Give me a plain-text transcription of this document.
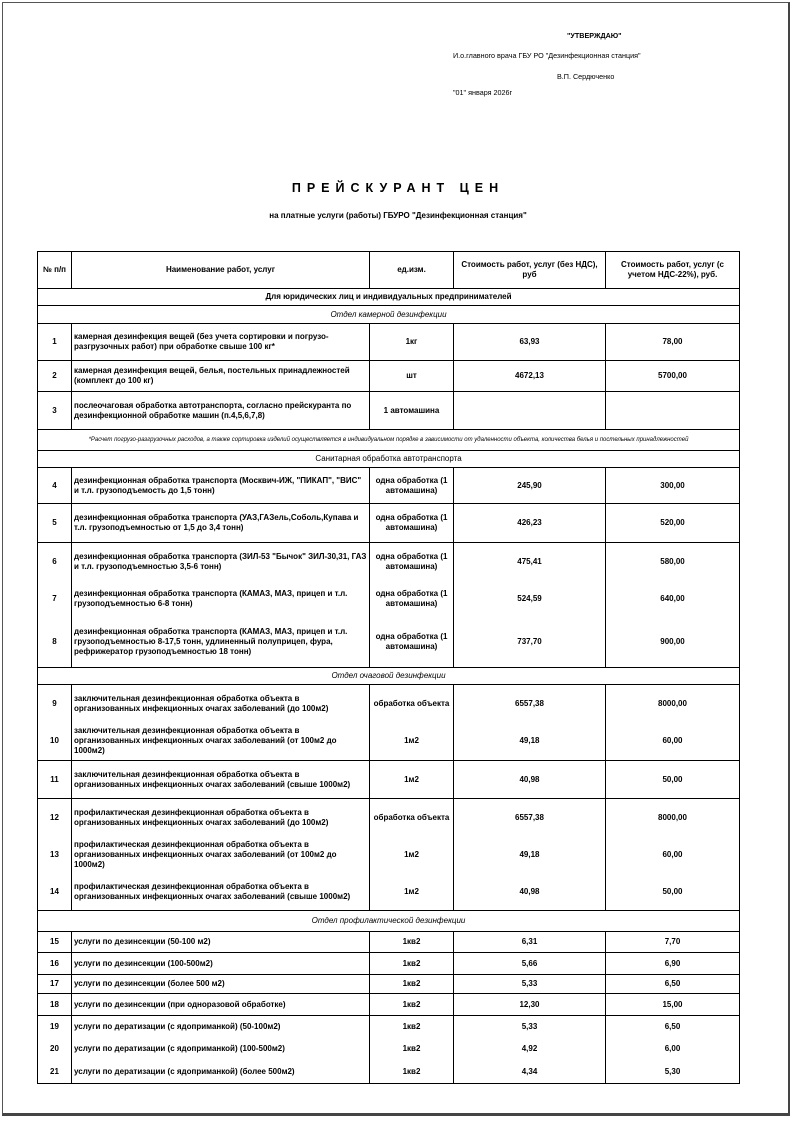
"УТВЕРЖДАЮ"
И.о.главного врача ГБУ РО "Дезинфекционная станция"
В.П. Сердюченко
"01" января 2026г
ПРЕЙСКУРАНТ ЦЕН
на платные услуги (работы) ГБУРО "Дезинфекционная станция"
№ п/п	Наименование работ, услуг	ед.изм.	Стоимость работ, услуг (без НДС), руб	Стоимость работ, услуг (с учетом НДС-22%), руб.
Для юридических лиц и индивидуальных предпринимателей				
Отдел камерной дезинфекции				
1	камерная дезинфекция вещей (без учета сортировки и погрузо-разгрузочных работ) при обработке свыше 100 кг*	1кг	63,93	78,00
2	камерная дезинфекция вещей, белья, постельных принадлежностей (комплект до 100 кг)	шт	4672,13	5700,00
3	послеочаговая обработка автотранспорта, согласно прейскуранта по дезинфекционной обработке машин (п.4,5,6,7,8)	1 автомашина		
*Расчет погрузо-разгрузочных расходов, а также сортировка изделий осуществляется в индивидуальном порядке в зависимости от удаленности объекта, количества белья и постельных принадлежностей				
Санитарная обработка автотранспорта				
4	дезинфекционная обработка транспорта (Москвич-ИЖ, "ПИКАП", "ВИС" и т.л. грузоподъемость до 1,5 тонн)	одна обработка (1 автомашина)	245,90	300,00
5	дезинфекционная обработка транспорта (УАЗ,ГАЗель,Соболь,Купава и т.л. грузоподъемностью от 1,5 до 3,4 тонн)	одна обработка (1 автомашина)	426,23	520,00
6	дезинфекционная обработка транспорта (ЗИЛ-53 "Бычок" ЗИЛ-30,31, ГАЗ и т.л. грузоподъемностью 3,5-6 тонн)	одна обработка (1 автомашина)	475,41	580,00
7	дезинфекционная обработка транспорта (КАМАЗ, МАЗ, прицеп и т.л. грузоподъемностью 6-8 тонн)	одна обработка (1 автомашина)	524,59	640,00
8	дезинфекционная обработка транспорта (КАМАЗ, МАЗ, прицеп и т.л. грузоподъемностью 8-17,5 тонн, удлиненный полуприцеп, фура, рефрижератор грузоподъемностью 18 тонн)	одна обработка (1 автомашина)	737,70	900,00
Отдел очаговой дезинфекции				
9	заключительная дезинфекционная обработка объекта в организованных инфекционных очагах заболеваний (до 100м2)	обработка объекта	6557,38	8000,00
10	заключительная дезинфекционная обработка объекта в организованных инфекционных очагах заболеваний (от 100м2 до 1000м2)	1м2	49,18	60,00
11	заключительная дезинфекционная обработка объекта в организованных инфекционных очагах заболеваний (свыше 1000м2)	1м2	40,98	50,00
12	профилактическая дезинфекционная обработка объекта в организованных инфекционных очагах заболеваний (до 100м2)	обработка объекта	6557,38	8000,00
13	профилактическая дезинфекционная обработка объекта в организованных инфекционных очагах заболеваний (от 100м2 до 1000м2)	1м2	49,18	60,00
14	профилактическая дезинфекционная обработка объекта в организованных инфекционных очагах заболеваний (свыше 1000м2)	1м2	40,98	50,00
Отдел профилактической дезинфекции				
15	услуги по дезинсекции (50-100 м2)	1кв2	6,31	7,70
16	услуги по дезинсекции (100-500м2)	1кв2	5,66	6,90
17	услуги по дезинсекции (более 500 м2)	1кв2	5,33	6,50
18	услуги по дезинсекции (при одноразовой обработке)	1кв2	12,30	15,00
19	услуги по дератизации (с ядоприманкой) (50-100м2)	1кв2	5,33	6,50
20	услуги по дератизации (с ядоприманкой) (100-500м2)	1кв2	4,92	6,00
21	услуги по дератизации (с ядоприманкой) (более 500м2)	1кв2	4,34	5,30
